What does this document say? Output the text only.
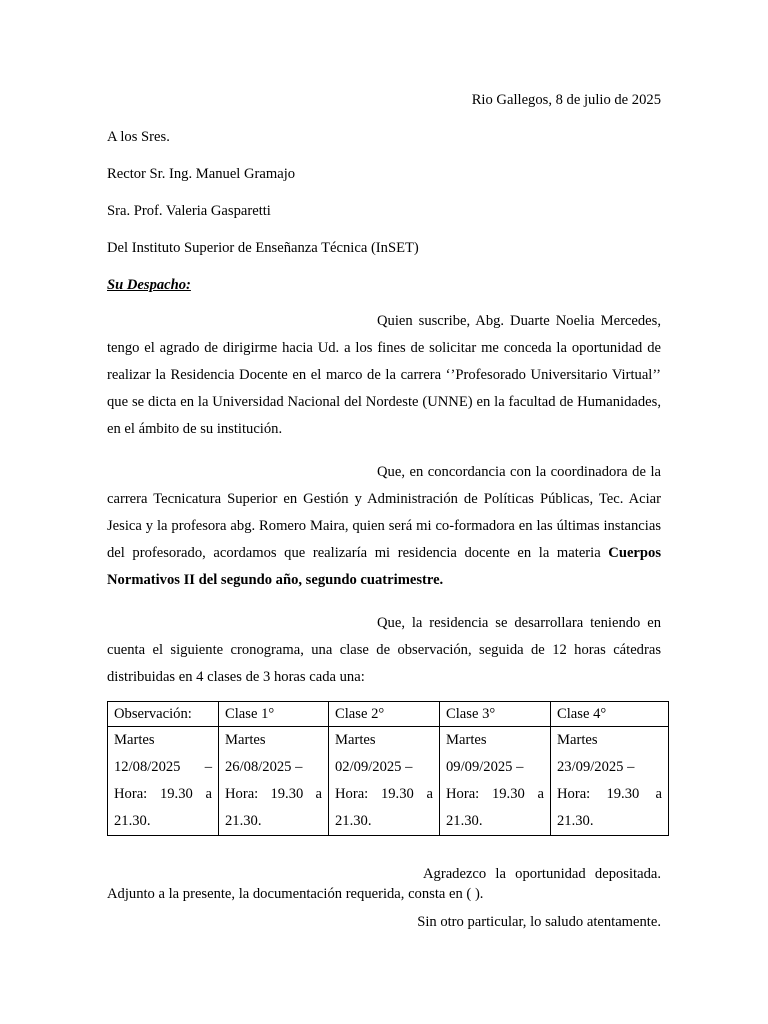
Rio Gallegos, 8 de julio de 2025

A los Sres.

Rector Sr. Ing. Manuel Gramajo

Sra. Prof. Valeria Gasparetti

Del Instituto Superior de Enseñanza Técnica (InSET)

Su Despacho:

Quien suscribe, Abg. Duarte Noelia Mercedes, tengo el agrado de dirigirme hacia Ud. a los fines de solicitar me conceda la oportunidad de realizar la Residencia Docente en el marco de la carrera ‘’Profesorado Universitario Virtual’’ que se dicta en la Universidad Nacional del Nordeste (UNNE) en la facultad de Humanidades, en el ámbito de su institución.

Que, en concordancia con la coordinadora de la carrera Tecnicatura Superior en Gestión y Administración de Políticas Públicas, Tec. Aciar Jesica y la profesora abg. Romero Maira, quien será mi co-formadora en las últimas instancias del profesorado, acordamos que realizaría mi residencia docente en la materia Cuerpos Normativos II del segundo año, segundo cuatrimestre.

Que, la residencia se desarrollara teniendo en cuenta el siguiente cronograma, una clase de observación, seguida de 12 horas cátedras distribuidas en 4 clases de 3 horas cada una:

Observación:	Clase 1°	Clase 2°	Clase 3°	Clase 4°

Martes
12/08/2025 –
Hora: 19.30 a
21.30.	Martes
26/08/2025 –
Hora: 19.30 a
21.30.	Martes
02/09/2025 –
Hora: 19.30 a
21.30.	Martes
09/09/2025 –
Hora: 19.30 a
21.30.	Martes
23/09/2025 –
Hora: 19.30 a
21.30.

Agradezco la oportunidad depositada. Adjunto a la presente, la documentación requerida, consta en ( ).

Sin otro particular, lo saludo atentamente.
